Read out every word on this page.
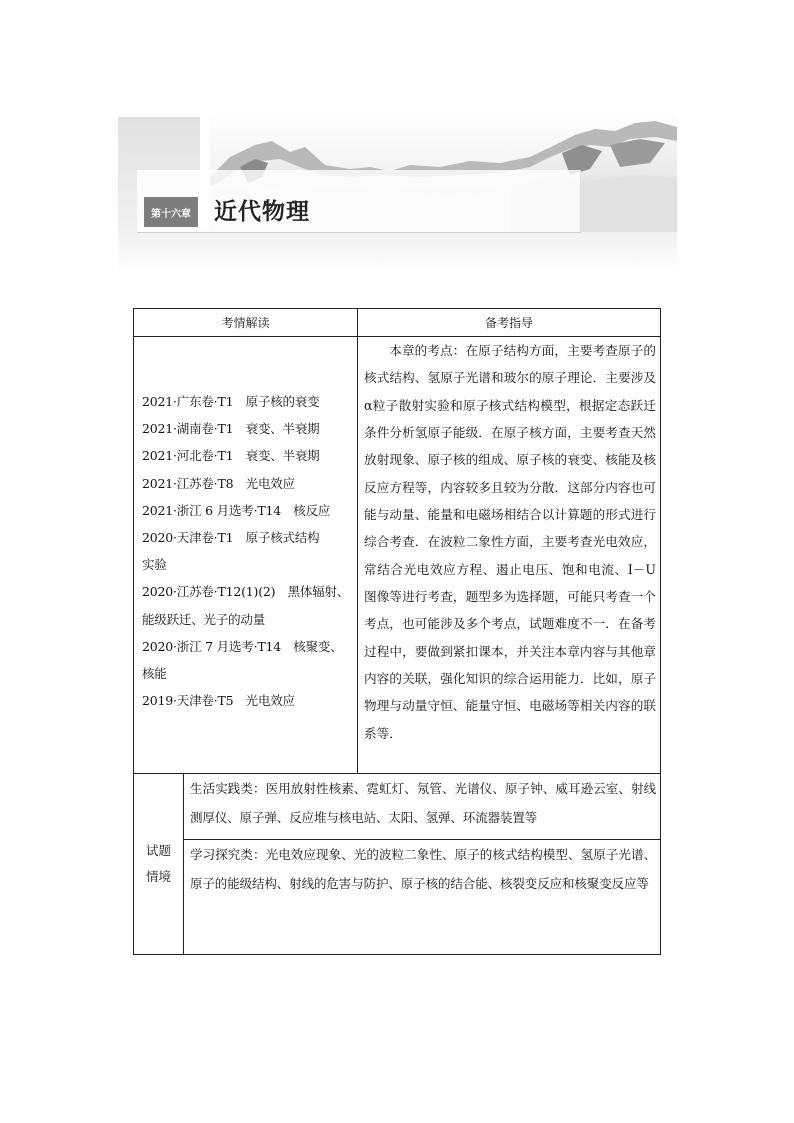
第十六章	近代物理
考情解读	备考指导
2021·广东卷·T1　原子核的衰变
2021·湖南卷·T1　衰变、半衰期
2021·河北卷·T1　衰变、半衰期
2021·江苏卷·T8　光电效应
2021·浙江 6 月选考·T14　核反应
2020·天津卷·T1　原子核式结构
实验
2020·江苏卷·T12(1)(2)　黑体辐射、
能级跃迁、光子的动量
2020·浙江 7 月选考·T14　核聚变、
核能
2019·天津卷·T5　光电效应
本章的考点：在原子结构方面，主要考查原子的核式结构、氢原子光谱和玻尔的原子理论．主要涉及α粒子散射实验和原子核式结构模型，根据定态跃迁条件分析氢原子能级．在原子核方面，主要考查天然放射现象、原子核的组成、原子核的衰变、核能及核反应方程等，内容较多且较为分散．这部分内容也可能与动量、能量和电磁场相结合以计算题的形式进行综合考查．在波粒二象性方面，主要考查光电效应，常结合光电效应方程、遏止电压、饱和电流、I－U图像等进行考查，题型多为选择题，可能只考查一个考点，也可能涉及多个考点，试题难度不一．在备考过程中，要做到紧扣课本，并关注本章内容与其他章内容的关联，强化知识的综合运用能力．比如，原子物理与动量守恒、能量守恒、电磁场等相关内容的联系等．
试题情境
生活实践类：医用放射性核素、霓虹灯、氖管、光谱仪、原子钟、威耳逊云室、射线测厚仪、原子弹、反应堆与核电站、太阳、氢弹、环流器装置等
学习探究类：光电效应现象、光的波粒二象性、原子的核式结构模型、氢原子光谱、原子的能级结构、射线的危害与防护、原子核的结合能、核裂变反应和核聚变反应等
